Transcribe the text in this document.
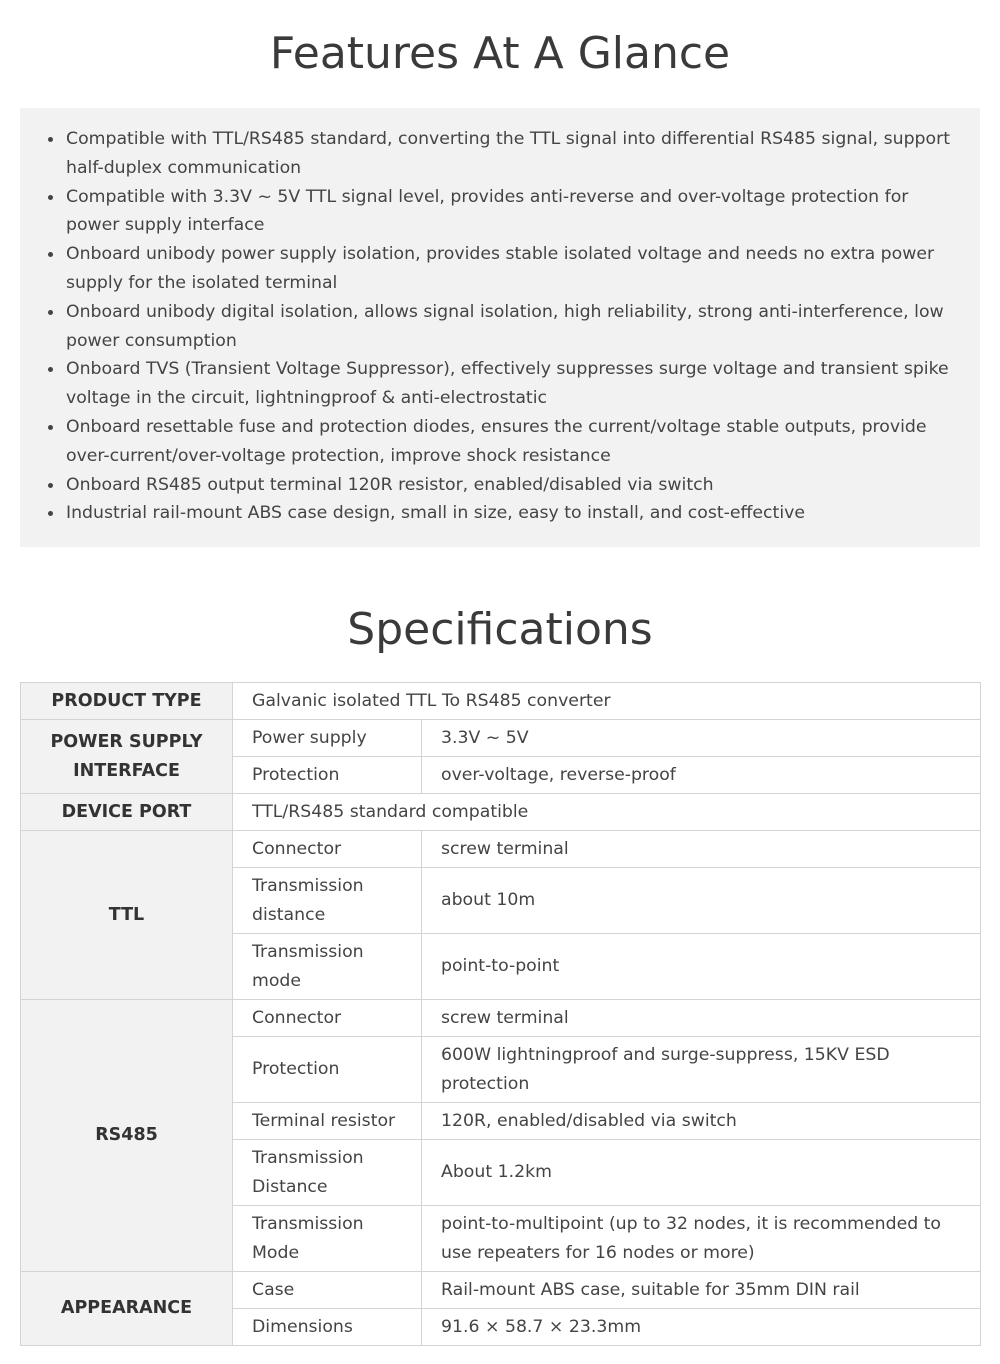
Features At A Glance
Compatible with TTL/RS485 standard, converting the TTL signal into differential RS485 signal, support half-duplex communication
Compatible with 3.3V ~ 5V TTL signal level, provides anti-reverse and over-voltage protection for power supply interface
Onboard unibody power supply isolation, provides stable isolated voltage and needs no extra power supply for the isolated terminal
Onboard unibody digital isolation, allows signal isolation, high reliability, strong anti-interference, low power consumption
Onboard TVS (Transient Voltage Suppressor), effectively suppresses surge voltage and transient spike voltage in the circuit, lightningproof & anti-electrostatic
Onboard resettable fuse and protection diodes, ensures the current/voltage stable outputs, provide over-current/over-voltage protection, improve shock resistance
Onboard RS485 output terminal 120R resistor, enabled/disabled via switch
Industrial rail-mount ABS case design, small in size, easy to install, and cost-effective
Specifications
PRODUCT TYPE	Galvanic isolated TTL To RS485 converter	
POWER SUPPLY INTERFACE	Power supply	3.3V ~ 5V
	Protection	over-voltage, reverse-proof
DEVICE PORT	TTL/RS485 standard compatible	
TTL	Connector	screw terminal
	Transmission distance	about 10m
	Transmission mode	point-to-point
RS485	Connector	screw terminal
	Protection	600W lightningproof and surge-suppress, 15KV ESD protection
	Terminal resistor	120R, enabled/disabled via switch
	Transmission Distance	About 1.2km
	Transmission Mode	point-to-multipoint (up to 32 nodes, it is recommended to use repeaters for 16 nodes or more)
APPEARANCE	Case	Rail-mount ABS case, suitable for 35mm DIN rail
	Dimensions	91.6 × 58.7 × 23.3mm
